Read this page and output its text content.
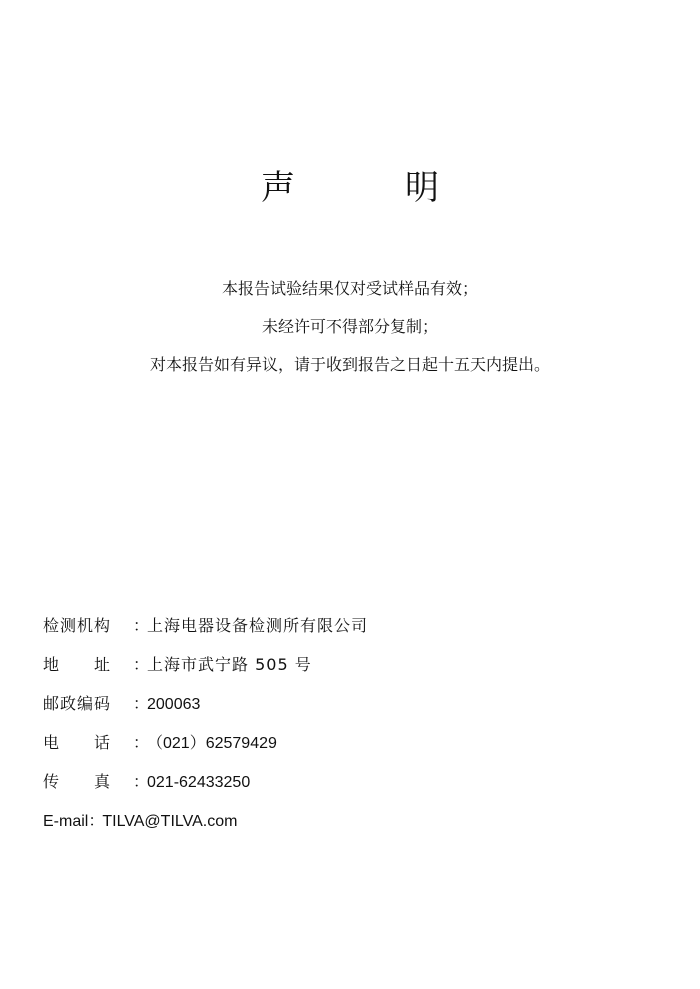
声　明
本报告试验结果仅对受试样品有效；
未经许可不得部分复制；
对本报告如有异议，请于收到报告之日起十五天内提出。
检测机构	：
上海电器设备检测所有限公司
地　　址	：
上海市武宁路 505 号
邮政编码	：
200063
电　　话	：
（021）62579429
传　　真	：
021-62433250
E-mail ：
TILVA@TILVA.com
